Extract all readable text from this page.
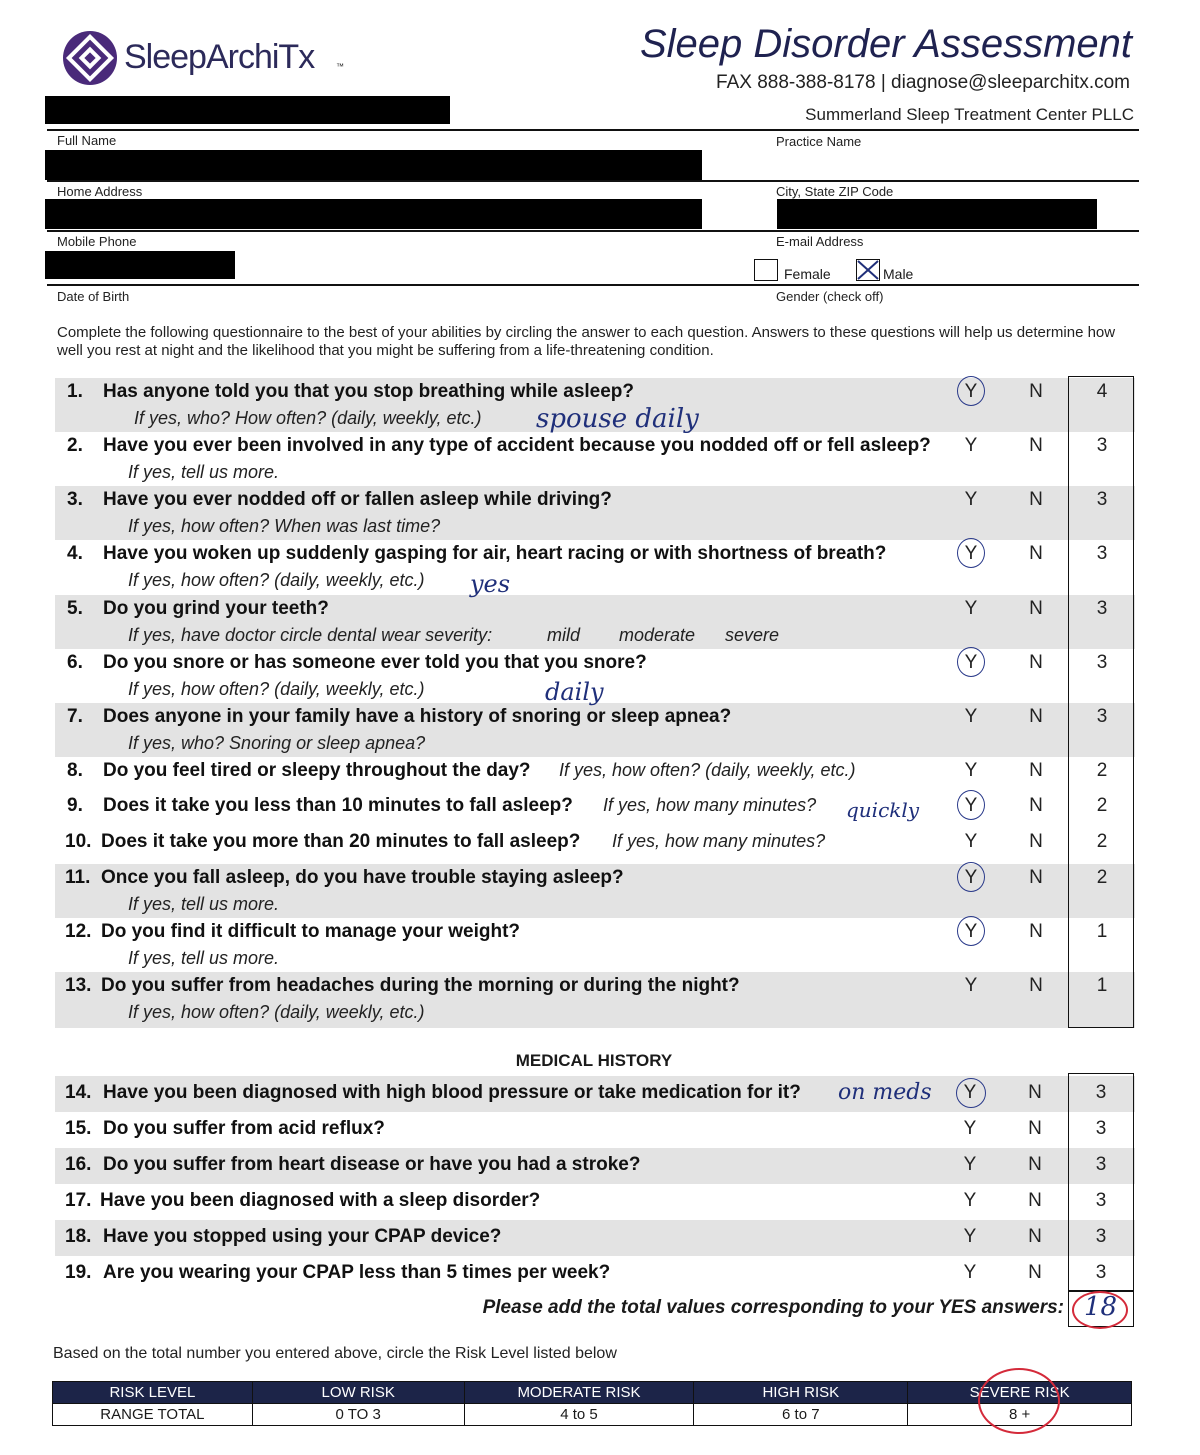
SleepArchiTx	™
Sleep Disorder Assessment
FAX 888-388-8178 | diagnose@sleeparchitx.com
Summerland Sleep Treatment Center PLLC
Full Name	Practice Name
Home Address	City, State ZIP Code
Mobile Phone	E-mail Address
Female	Male
Date of Birth	Gender (check off)
Complete the following questionnaire to the best of your abilities by circling the answer to each question. Answers to these questions will help us determine how well you rest at night and the likelihood that you might be suffering from a life-threatening condition.
MEDICAL HISTORY
Please add the total values corresponding to your YES answers: 18
Based on the total number you entered above, circle the Risk Level listed below
RISK LEVEL	LOW RISK	MODERATE RISK	HIGH RISK	SEVERE RISK
RANGE TOTAL	0 TO 3	4 to 5	6 to 7	8 +
1. Has anyone told you that you stop breathing while asleep?
If yes, who? How often? (daily, weekly, etc.) spouse daily
Y	N	4
2. Have you ever been involved in any type of accident because you nodded off or fell asleep?
If yes, tell us more.
Y	N	3
3. Have you ever nodded off or fallen asleep while driving?
If yes, how often? When was last time?
Y	N	3
4. Have you woken up suddenly gasping for air, heart racing or with shortness of breath?
If yes, how often? (daily, weekly, etc.) yes
Y	N	3
5. Do you grind your teeth?
If yes, have doctor circle dental wear severity:	mild moderate severe
Y	N	3
6. Do you snore or has someone ever told you that you snore?
If yes, how often? (daily, weekly, etc.)	daily
Y	N	3
7. Does anyone in your family have a history of snoring or sleep apnea?
If yes, who? Snoring or sleep apnea?
Y	N	3
8. Do you feel tired or sleepy throughout the day? If yes, how often? (daily, weekly, etc.)	Y	N	2
9. Does it take you less than 10 minutes to fall asleep? If yes, how many minutes? quickly Y	N	2
10. Does it take you more than 20 minutes to fall asleep? If yes, how many minutes?	Y	N	2
11. Once you fall asleep, do you have trouble staying asleep?
If yes, tell us more.
Y	N	2
12. Do you find it difficult to manage your weight?
If yes, tell us more.
Y	N	1
13. Do you suffer from headaches during the morning or during the night?
If yes, how often? (daily, weekly, etc.)
Y	N	1
14. Have you been diagnosed with high blood pressure or take medication for it? on meds Y	N	3
15. Do you suffer from acid reflux?	Y	N	3
16. Do you suffer from heart disease or have you had a stroke?	Y	N	3
17. Have you been diagnosed with a sleep disorder?	Y	N	3
18. Have you stopped using your CPAP device?	Y	N	3
19. Are you wearing your CPAP less than 5 times per week?	Y	N	3
